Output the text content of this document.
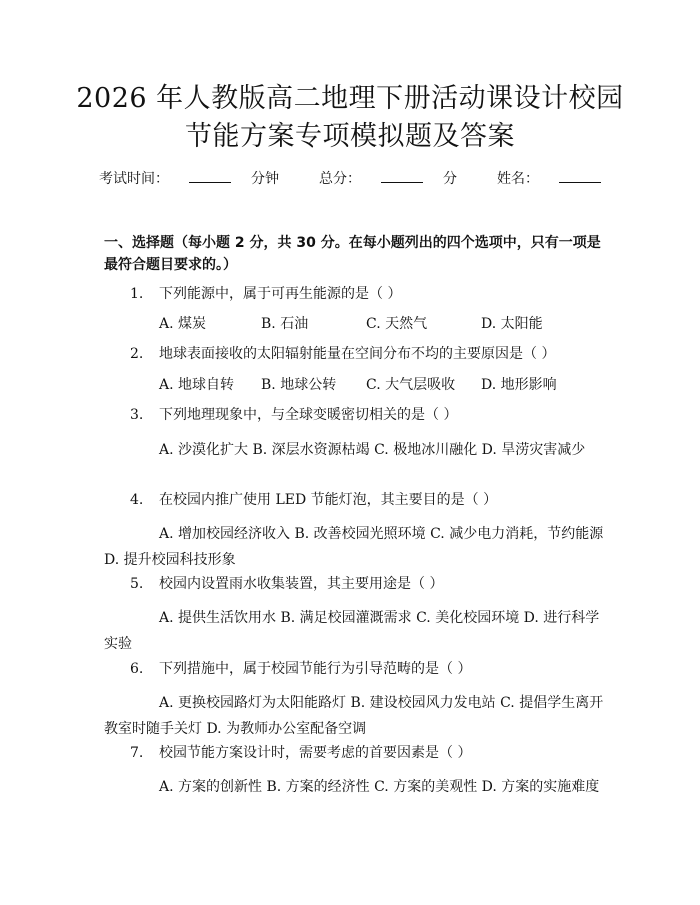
2026 年人教版高二地理下册活动课设计校园
节能方案专项模拟题及答案
考试时间：	分钟	总分：	分	姓名：
一、选择题（每小题 2 分，共 30 分。在每小题列出的四个选项中，只有一项是最符合题目要求的。）
1.	下列能源中，属于可再生能源的是（ ）
A. 煤炭	B. 石油	C. 天然气	D. 太阳能
2.	地球表面接收的太阳辐射能量在空间分布不均的主要原因是（ ）
A. 地球自转 B. 地球公转 C. 大气层吸收 D. 地形影响
3.	下列地理现象中，与全球变暖密切相关的是（ ）
A. 沙漠化扩大 B. 深层水资源枯竭 C. 极地冰川融化 D. 旱涝灾害减少
4.	在校园内推广使用 LED 节能灯泡，其主要目的是（ ）
A. 增加校园经济收入 B. 改善校园光照环境 C. 减少电力消耗，节约能源 D. 提升校园科技形象
5.	校园内设置雨水收集装置，其主要用途是（ ）
A. 提供生活饮用水 B. 满足校园灌溉需求 C. 美化校园环境 D. 进行科学实验
6.	下列措施中，属于校园节能行为引导范畴的是（ ）
A. 更换校园路灯为太阳能路灯 B. 建设校园风力发电站 C. 提倡学生离开教室时随手关灯 D. 为教师办公室配备空调
7.	校园节能方案设计时，需要考虑的首要因素是（ ）
A. 方案的创新性 B. 方案的经济性 C. 方案的美观性 D. 方案的实施难度
